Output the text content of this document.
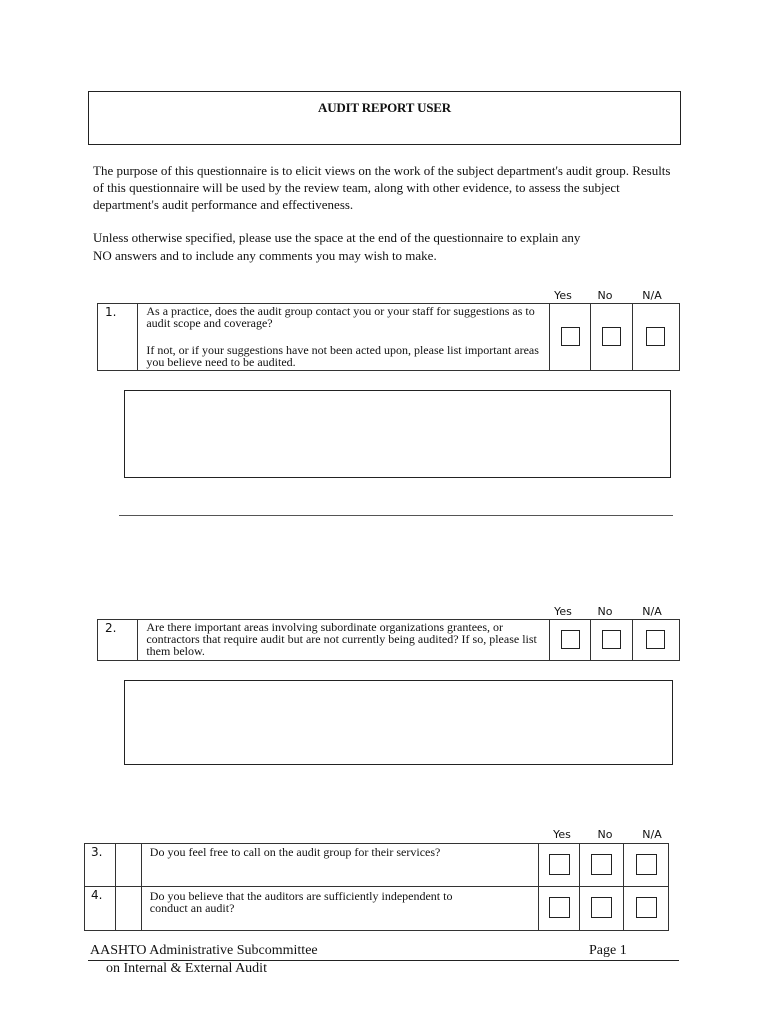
AUDIT REPORT USER
The purpose of this questionnaire is to elicit views on the work of the subject department's audit group. Results of this questionnaire will be used by the review team, along with other evidence, to assess the subject department's audit performance and effectiveness.
Unless otherwise specified, please use the space at the end of the questionnaire to explain any
NO answers and to include any comments you may wish to make.
Yes	No	N/A
1.	As a practice, does the audit group contact you or your staff for suggestions as to audit scope and coverage?
If not, or if your suggestions have not been acted upon, please list important areas you believe need to be audited.

Yes	No	N/A
2.	Are there important areas involving subordinate organizations grantees, or contractors that require audit but are not currently being audited? If so, please list them below.			
Yes	No	N/A
3.		Do you feel free to call on the audit group for their services?			
4.		Do you believe that the auditors are sufficiently independent to conduct an audit?			
AASHTO Administrative Subcommittee	Page 1
on Internal & External Audit
